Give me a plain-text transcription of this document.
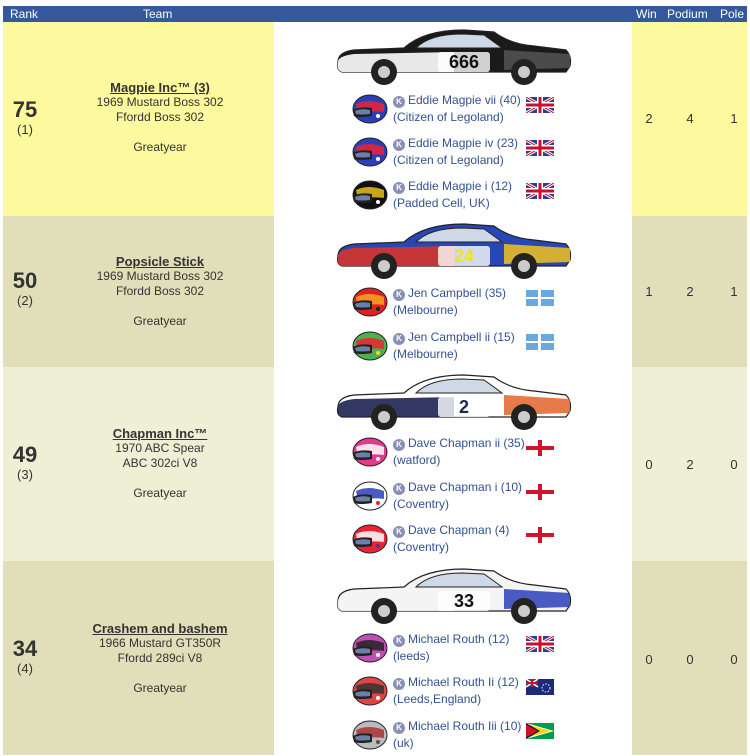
Rank	Team	Win Podium Pole
75
(1)
Magpie Inc™ (3)
1969 Mustard Boss 302
Ffordd Boss 302
Greatyear
666
K Eddie Magpie vii (40)
(Citizen of Legoland)
K Eddie Magpie iv (23)
(Citizen of Legoland)
K Eddie Magpie i (12)
(Padded Cell, UK)
2	4	1
50
(2)
Popsicle Stick
1969 Mustard Boss 302
Ffordd Boss 302
Greatyear
24
K Jen Campbell (35)
(Melbourne)
K Jen Campbell ii (15)
(Melbourne)
1	2	1
49
(3)
Chapman Inc™
1970 ABC Spear
ABC 302ci V8
Greatyear
2
K Dave Chapman ii (35)
(watford)
K Dave Chapman i (10)
(Coventry)
K Dave Chapman (4)
(Coventry)
0	2	0
34
(4)
Crashem and bashem
1966 Mustard GT350R
Ffordd 289ci V8
Greatyear
33
K Michael Routh (12)
(leeds)
K Michael Routh Ii (12)
(Leeds,England)
K Michael Routh Iii (10)
(uk)
0	0	0
